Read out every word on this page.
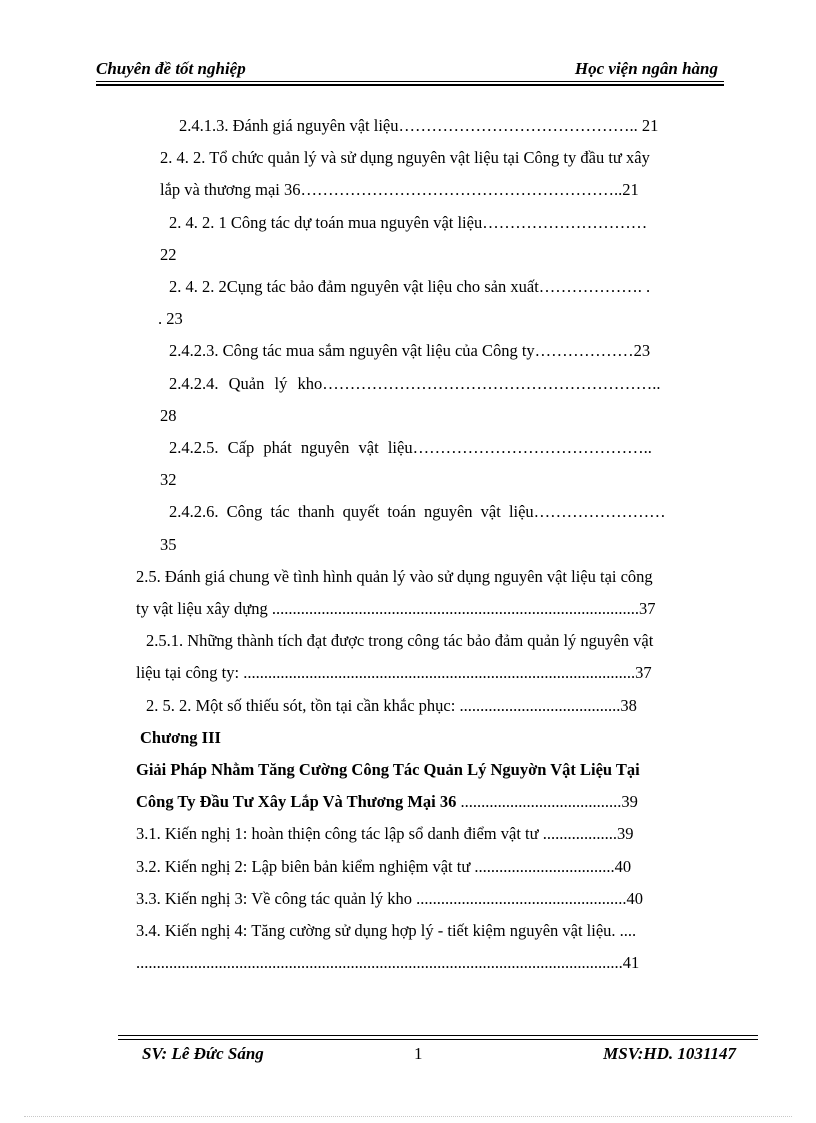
Chuyên đề tốt nghiệp	Học viện ngân hàng
2.4.1.3. Đánh giá nguyên vật liệu…………………………………….. 21
2. 4. 2. Tổ chức quản lý và sử dụng nguyên vật liệu tại Công ty đầu tư xây
lắp và thương mại 36…………………………………………………..21
2. 4. 2. 1 Công tác dự toán mua nguyên vật liệu…………………………
22
2. 4. 2. 2Cụng tác bảo đảm nguyên vật liệu cho sản xuất………………. .
. 23
2.4.2.3. Công tác mua sắm nguyên vật liệu của Công ty………………23
2.4.2.4. Quản lý kho……………………………………………………..
28
2.4.2.5. Cấp phát nguyên vật liệu……………………………………..
32
2.4.2.6. Công tác thanh quyết toán nguyên vật liệu……………………
35
2.5. Đánh giá chung về tình hình quản lý vào sử dụng nguyên vật liệu tại công
ty vật liệu xây dựng .........................................................................................37
2.5.1. Những thành tích đạt được trong công tác bảo đảm quản lý nguyên vật
liệu tại công ty: ...............................................................................................37
2. 5. 2. Một số thiếu sót, tồn tại cần khắc phục: .......................................38
Chương III
Giải Pháp Nhằm Tăng Cường Công Tác Quản Lý Nguyờn Vật Liệu Tại
Công Ty Đầu Tư Xây Lắp Và Thương Mại 36 .......................................39
3.1. Kiến nghị 1: hoàn thiện công tác lập sổ danh điểm vật tư ..................39
3.2. Kiến nghị 2: Lập biên bản kiểm nghiệm vật tư ..................................40
3.3. Kiến nghị 3: Về công tác quản lý kho ...................................................40
3.4. Kiến nghị 4: Tăng cường sử dụng hợp lý - tiết kiệm nguyên vật liệu. ....
......................................................................................................................41
SV: Lê Đức Sáng	1	MSV:HD. 1031147
